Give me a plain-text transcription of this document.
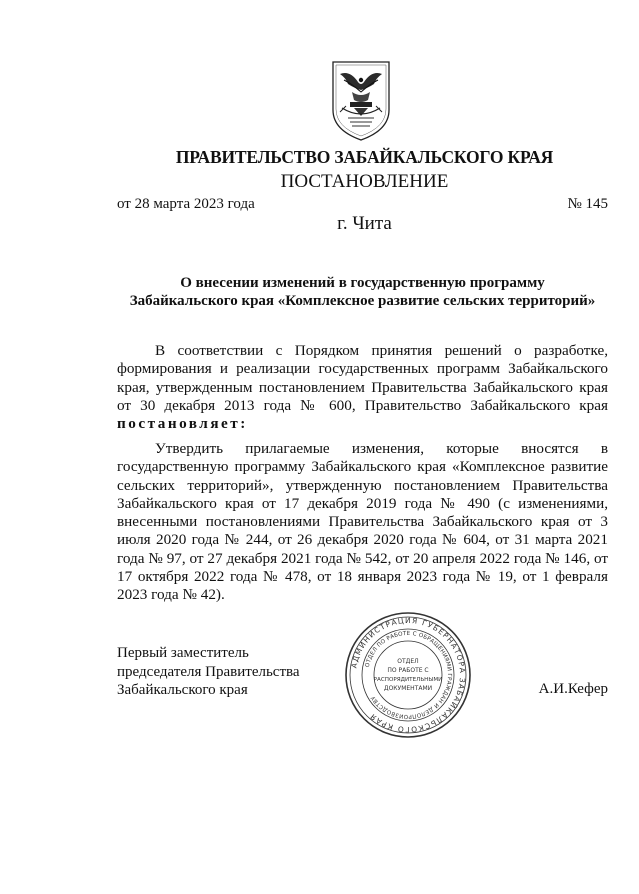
ПРАВИТЕЛЬСТВО ЗАБАЙКАЛЬСКОГО КРАЯ
ПОСТАНОВЛЕНИЕ
от 28 марта 2023 года	№ 145
г. Чита
О внесении изменений в государственную программу
Забайкальского края «Комплексное развитие сельских территорий»

В соответствии с Порядком принятия решений о разработке, формирования и реализации государственных программ Забайкальского края, утвержденным постановлением Правительства Забайкальского края от 30 декабря 2013 года № 600, Правительство Забайкальского края постановляет:

Утвердить прилагаемые изменения, которые вносятся в государственную программу Забайкальского края «Комплексное развитие сельских территорий», утвержденную постановлением Правительства Забайкальского края от 17 декабря 2019 года № 490 (с изменениями, внесенными постановлениями Правительства Забайкальского края от 3 июля 2020 года № 244, от 26 декабря 2020 года № 604, от 31 марта 2021 года № 97, от 27 декабря 2021 года № 542, от 20 апреля 2022 года № 146, от 17 октября 2022 года № 478, от 18 января 2023 года № 19, от 1 февраля 2023 года № 42).

Первый заместитель
председателя Правительства
Забайкальского края
АДМИНИСТРАЦИЯ ГУБЕРНАТОРА ЗАБАЙКАЛЬСКОГО КРАЯ
ОТДЕЛ ПО РАБОТЕ С ОБРАЩЕНИЯМИ ГРАЖДАН И ДЕЛОПРОИЗВОДСТВУ
ОТДЕЛ
ПО РАБОТЕ С
РАСПОРЯДИТЕЛЬНЫМИ
ДОКУМЕНТАМИ	А.И.Кефер
